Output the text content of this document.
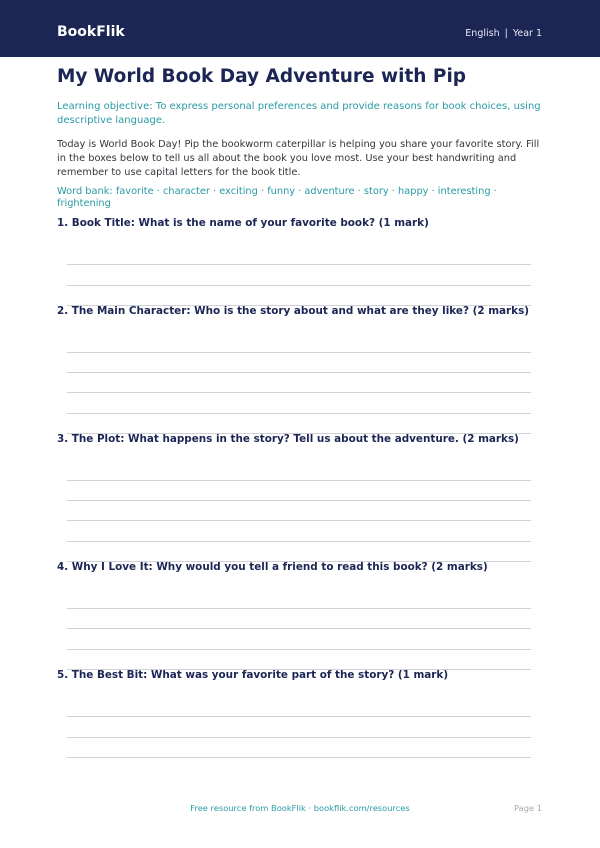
BookFlik	English | Year 1
My World Book Day Adventure with Pip
Learning objective: To express personal preferences and provide reasons for book choices, using descriptive language.
Today is World Book Day! Pip the bookworm caterpillar is helping you share your favorite story. Fill in the boxes below to tell us all about the book you love most. Use your best handwriting and remember to use capital letters for the book title.
Word bank: favorite · character · exciting · funny · adventure · story · happy · interesting · frightening
1. Book Title: What is the name of your favorite book? (1 mark)
2. The Main Character: Who is the story about and what are they like? (2 marks)
3. The Plot: What happens in the story? Tell us about the adventure. (2 marks)
4. Why I Love It: Why would you tell a friend to read this book? (2 marks)
5. The Best Bit: What was your favorite part of the story? (1 mark)
Free resource from BookFlik · bookflik.com/resources	Page 1
